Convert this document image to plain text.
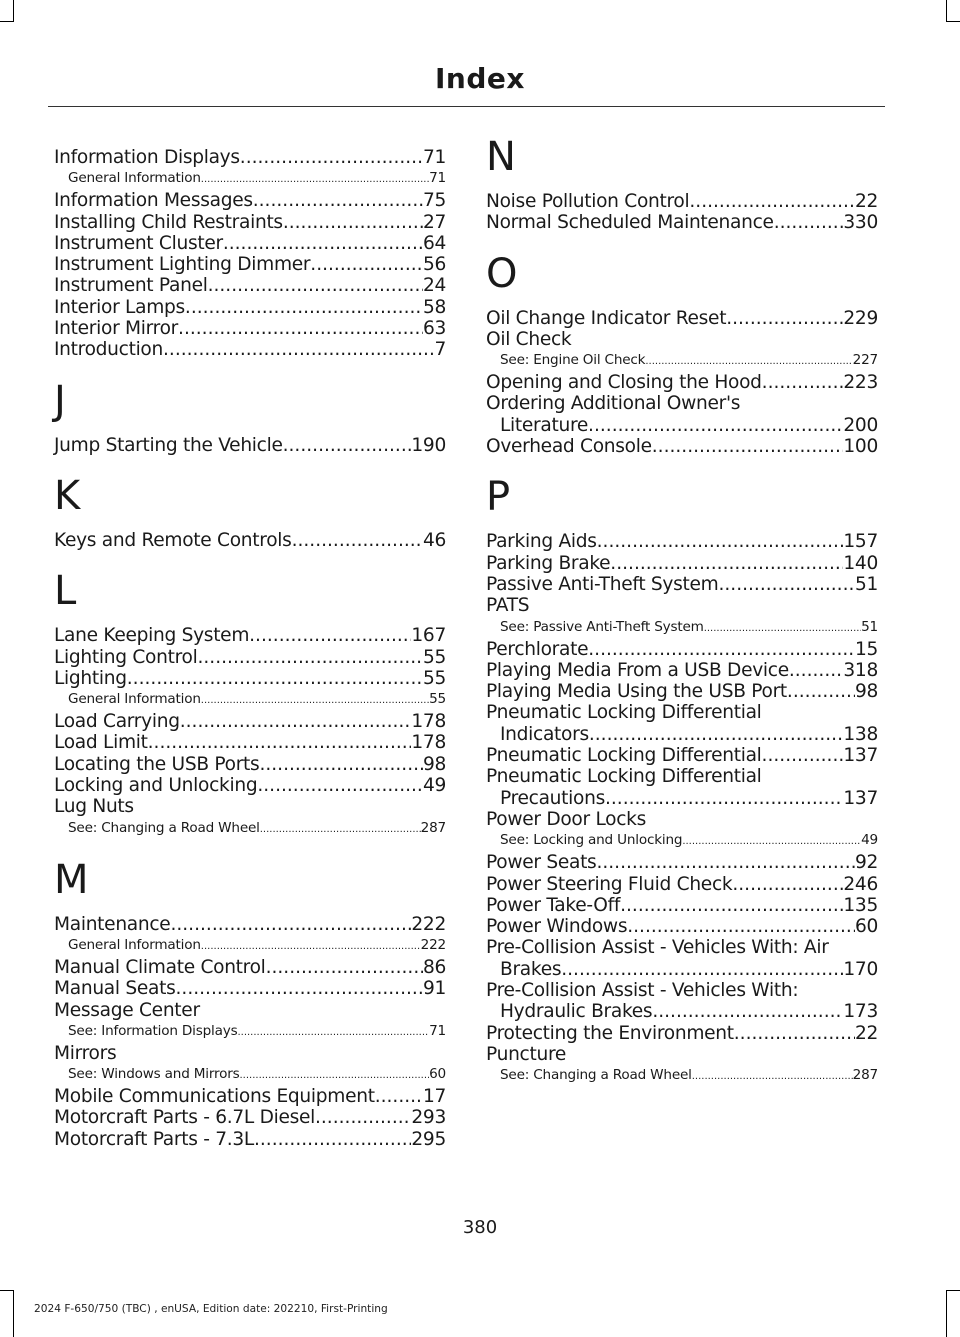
Index
Information Displays .....	71
General Information .....	71
Information Messages .....	75
Installing Child Restraints .....	27
Instrument Cluster .....	64
Instrument Lighting Dimmer .....	56
Instrument Panel .....	24
Interior Lamps .....	58
Interior Mirror .....	63
Introduction .....	7
J
Jump Starting the Vehicle .....	190
K
Keys and Remote Controls .....	46
L
Lane Keeping System .....	167
Lighting Control .....	55
Lighting .....	55
General Information .....	55
Load Carrying .....	178
Load Limit .....	178
Locating the USB Ports .....	98
Locking and Unlocking .....	49
Lug Nuts
See: Changing a Road Wheel .....	287
M
Maintenance .....	222
General Information .....	222
Manual Climate Control .....	86
Manual Seats .....	91
Message Center
See: Information Displays .....	71
Mirrors
See: Windows and Mirrors .....	60
Mobile Communications Equipment .....	17
Motorcraft Parts - 6.7L Diesel .....	293
Motorcraft Parts - 7.3L .....	295
N
Noise Pollution Control .....	22
Normal Scheduled Maintenance .....	330
O
Oil Change Indicator Reset .....	229
Oil Check
See: Engine Oil Check .....	227
Opening and Closing the Hood .....	223
Ordering Additional Owner's
Literature .....	200
Overhead Console .....	100
P
Parking Aids .....	157
Parking Brake .....	140
Passive Anti-Theft System .....	51
PATS
See: Passive Anti-Theft System .....	51
Perchlorate .....	15
Playing Media From a USB Device .....	318
Playing Media Using the USB Port .....	98
Pneumatic Locking Differential
Indicators .....	138
Pneumatic Locking Differential .....	137
Pneumatic Locking Differential
Precautions .....	137
Power Door Locks
See: Locking and Unlocking .....	49
Power Seats .....	92
Power Steering Fluid Check .....	246
Power Take-Off .....	135
Power Windows .....	60
Pre-Collision Assist - Vehicles With: Air
Brakes .....	170
Pre-Collision Assist - Vehicles With:
Hydraulic Brakes .....	173
Protecting the Environment .....	22
Puncture
See: Changing a Road Wheel .....	287
380
2024 F-650/750 (TBC) , enUSA, Edition date: 202210, First-Printing
